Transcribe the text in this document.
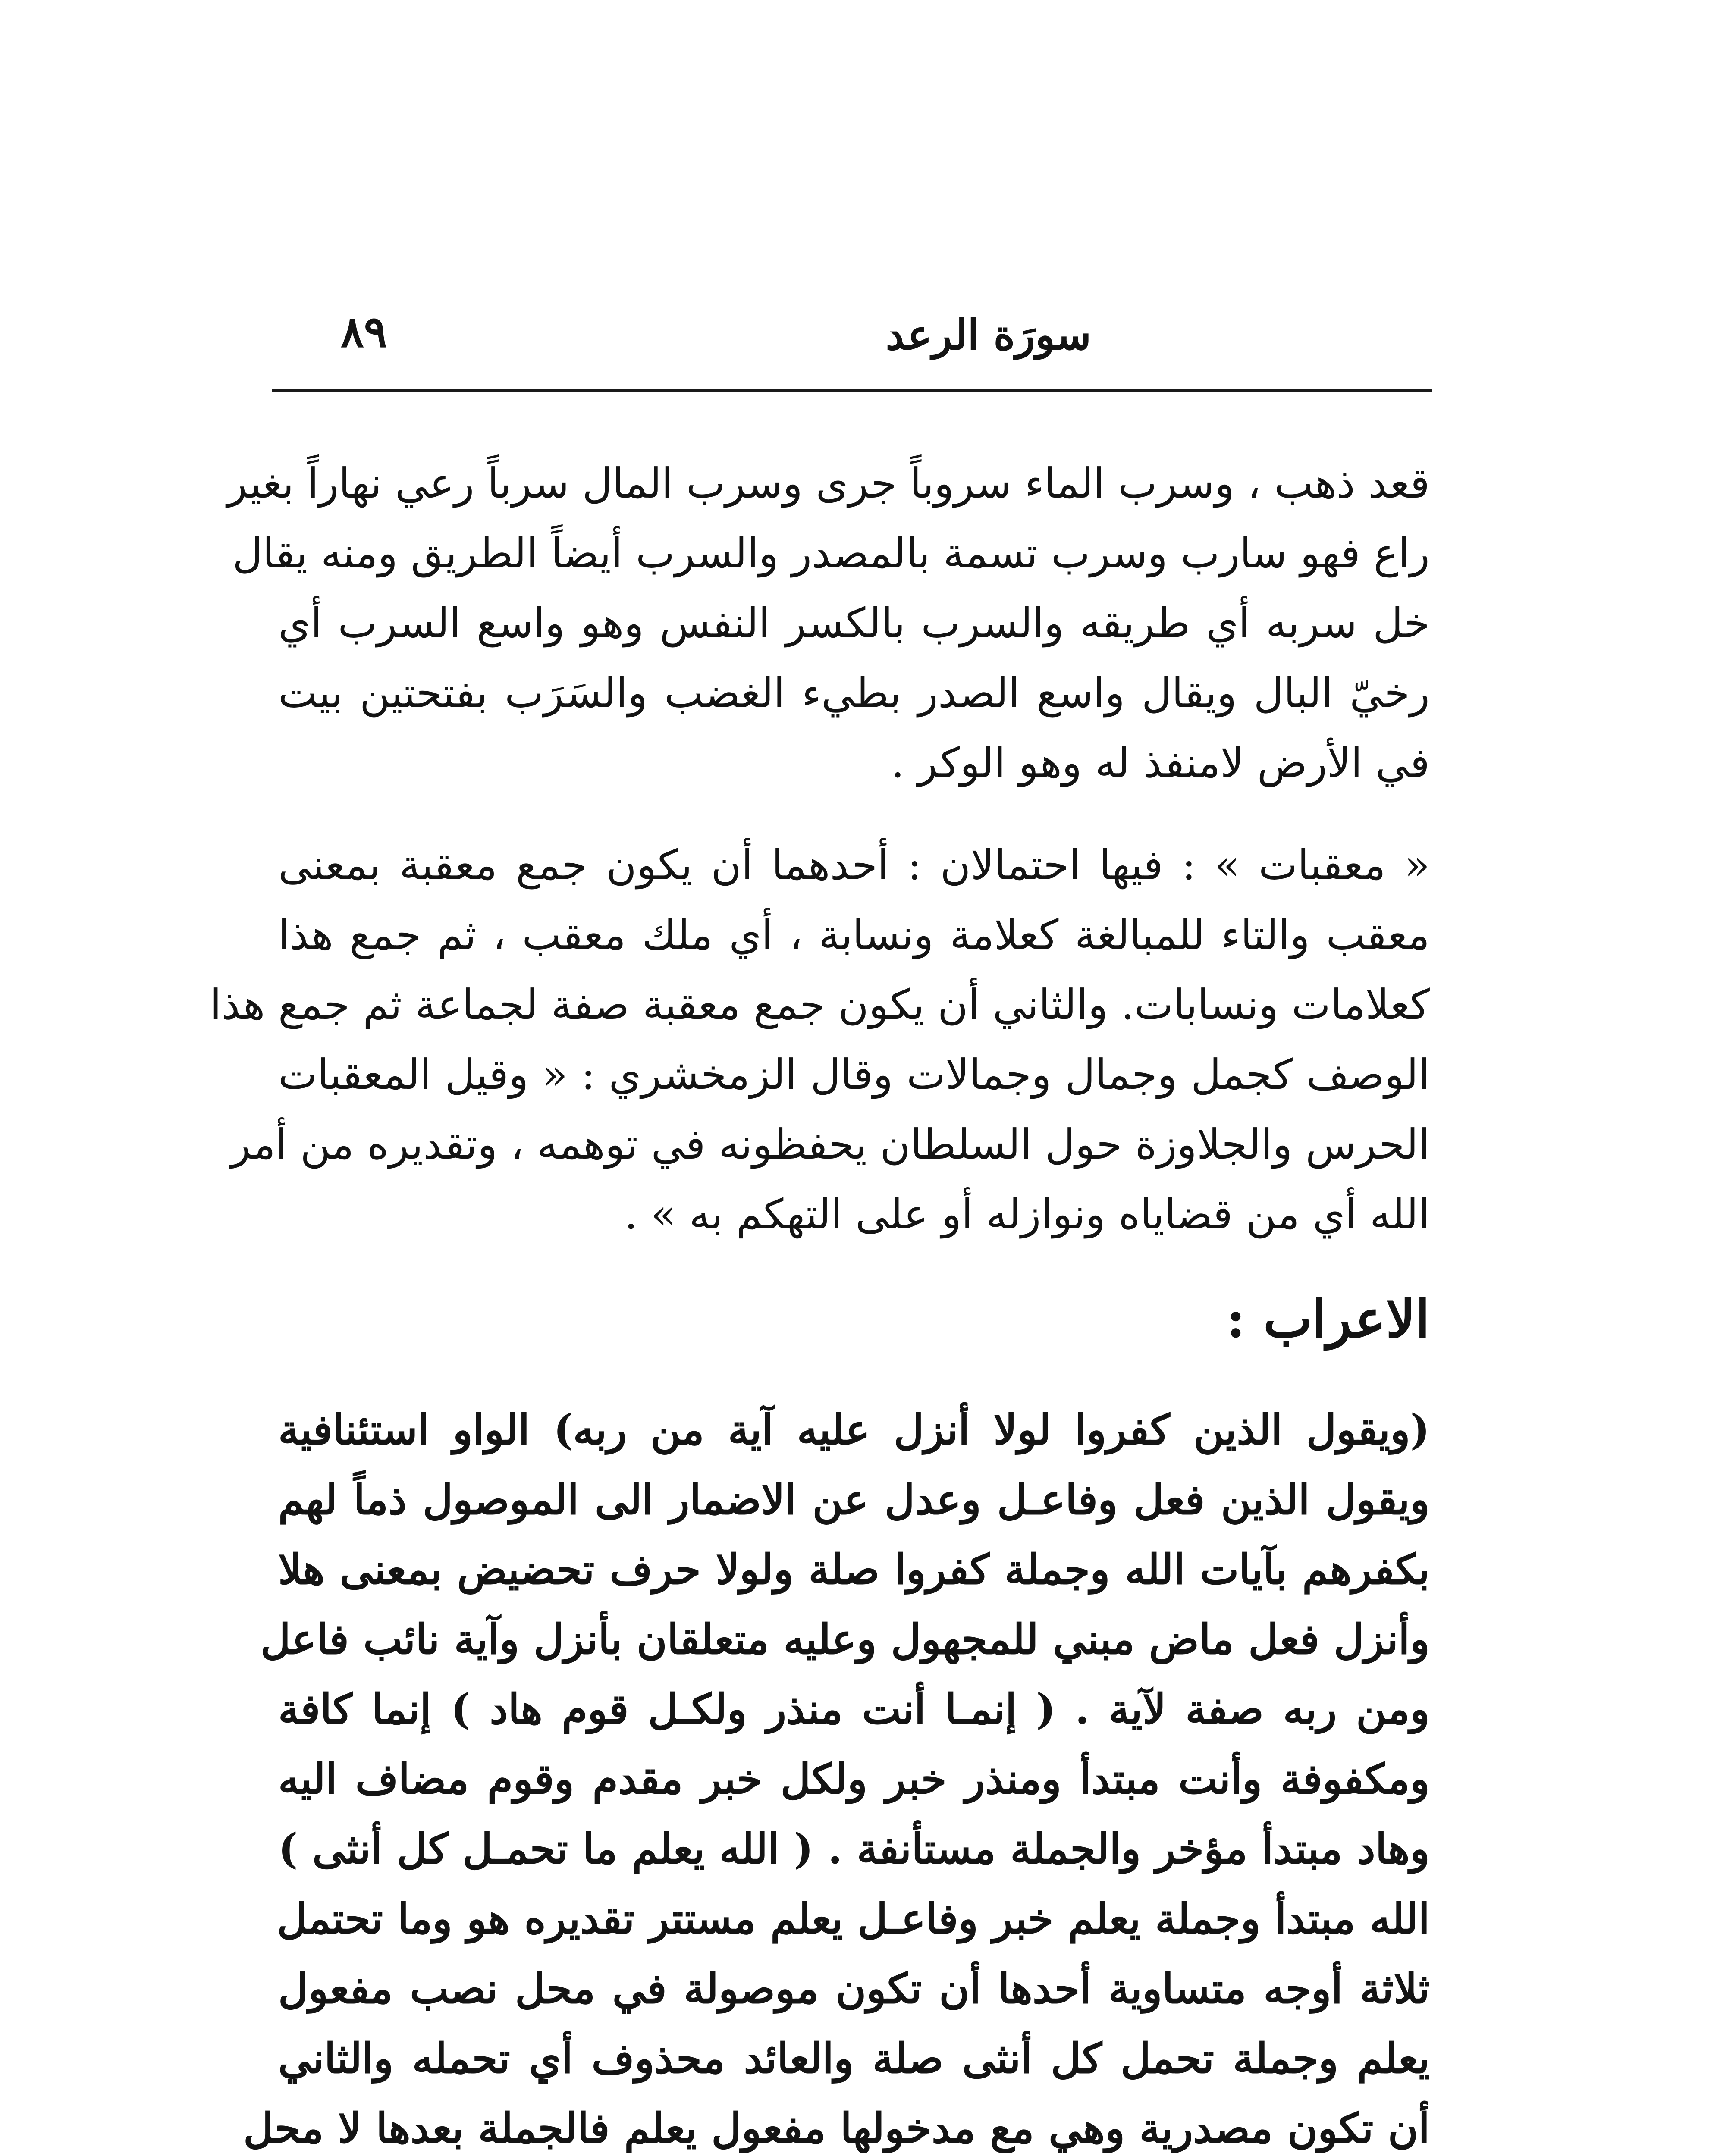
سورَة الرعد
٨٩

قعد ذهب ، وسرب الماء سروباً جرى وسرب المال سرباً رعي نهاراً بغير

راع فهو سارب وسرب تسمة بالمصدر والسرب أيضاً الطريق ومنه يقال

خل سربه أي طريقه والسرب بالكسر النفس وهو واسع السرب أي

رخيّ البال ويقال واسع الصدر بطيء الغضب والسَرَب بفتحتين بيت

في الأرض لامنفذ له وهو الوكر .

« معقبات » : فيها احتمالان : أحدهما أن يكون جمع معقبة بمعنى

معقب والتاء للمبالغة كعلامة ونسابة ، أي ملك معقب ، ثم جمع هذا

كعلامات ونسابات. والثاني أن يكون جمع معقبة صفة لجماعة ثم جمع هذا

الوصف كجمل وجمال وجمالات وقال الزمخشري : « وقيل المعقبات

الحرس والجلاوزة حول السلطان يحفظونه في توهمه ، وتقديره من أمر

الله أي من قضاياه ونوازله أو على التهكم به » .

الاعراب :

(ويقول الذين كفروا لولا أنزل عليه آية من ربه) الواو استئنافية

ويقول الذين فعل وفاعـل وعدل عن الاضمار الى الموصول ذماً لهم

بكفرهم بآيات الله وجملة كفروا صلة ولولا حرف تحضيض بمعنى هلا

وأنزل فعل ماض مبني للمجهول وعليه متعلقان بأنزل وآية نائب فاعل

ومن ربه صفة لآية . ( إنمـا أنت منذر ولكـل قوم هاد ) إنما كافة

ومكفوفة وأنت مبتدأ ومنذر خبر ولكل خبر مقدم وقوم مضاف اليه

وهاد مبتدأ مؤخر والجملة مستأنفة . ( الله يعلم ما تحمـل كل أنثى )

الله مبتدأ وجملة يعلم خبر وفاعـل يعلم مستتر تقديره هو وما تحتمل

ثلاثة أوجه متساوية أحدها أن تكون موصولة في محل نصب مفعول

يعلم وجملة تحمل كل أنثى صلة والعائد محذوف أي تحمله والثاني

أن تكون مصدرية وهي مع مدخولها مفعول يعلم فالجملة بعدها لا محل
